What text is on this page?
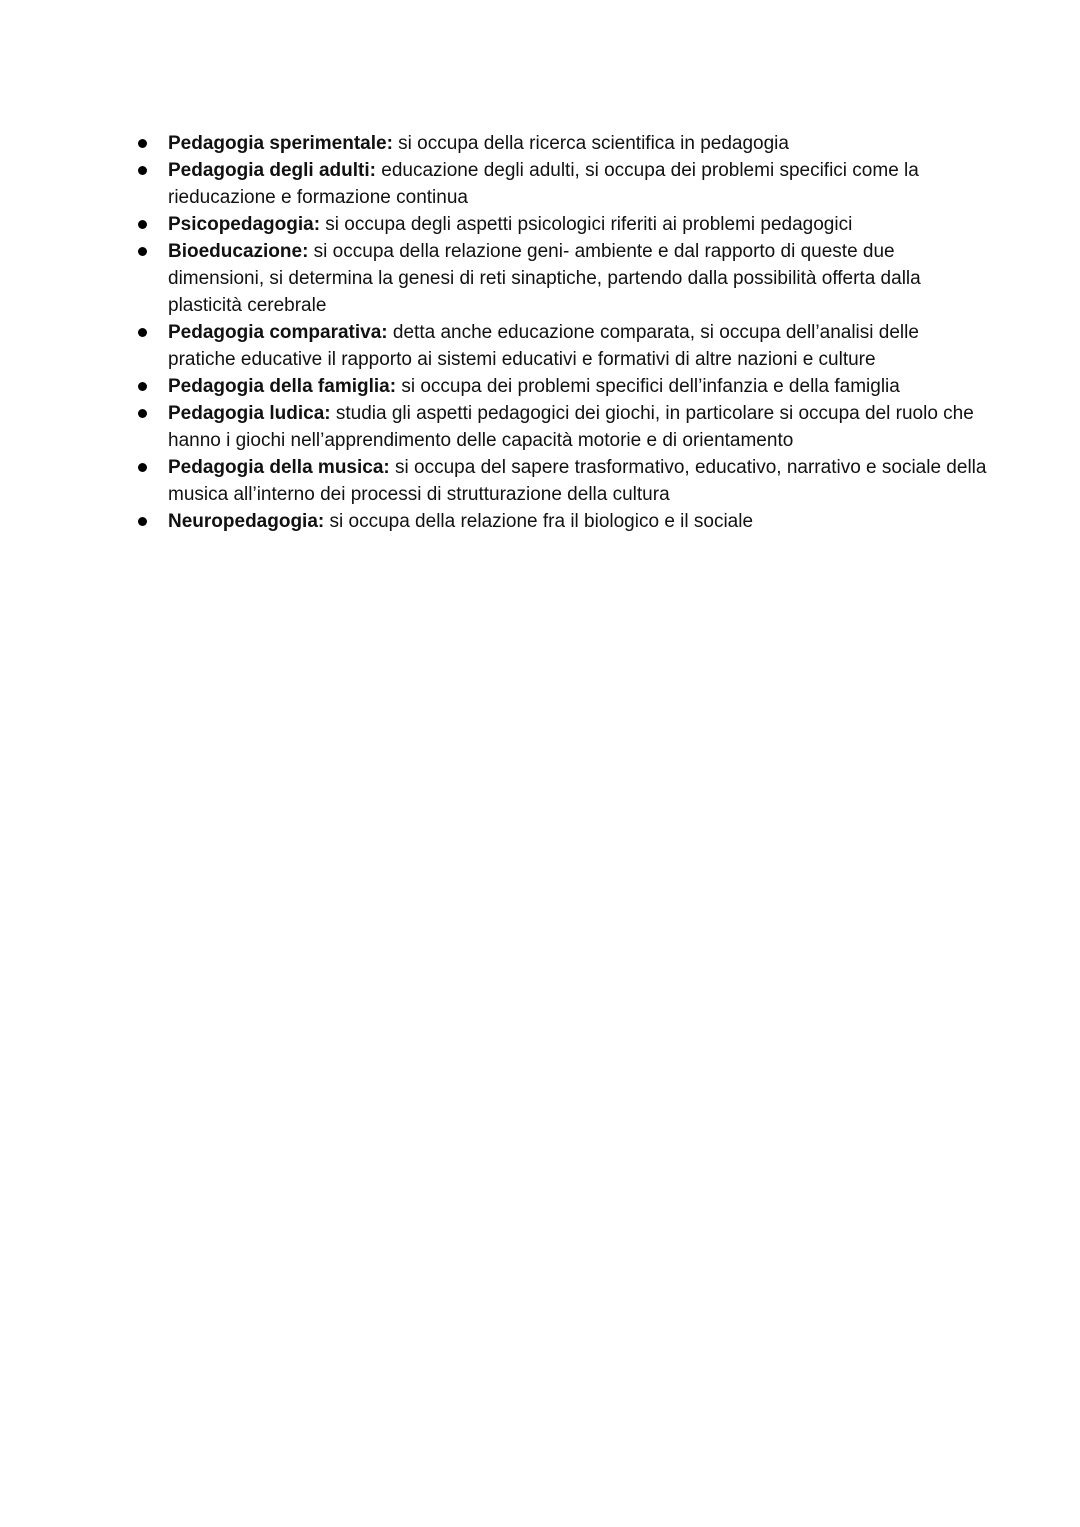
Pedagogia sperimentale: si occupa della ricerca scientifica in pedagogia
Pedagogia degli adulti: educazione degli adulti, si occupa dei problemi specifici come la rieducazione e formazione continua
Psicopedagogia: si occupa degli aspetti psicologici riferiti ai problemi pedagogici
Bioeducazione: si occupa della relazione geni- ambiente e dal rapporto di queste due dimensioni, si determina la genesi di reti sinaptiche, partendo dalla possibilità offerta dalla plasticità cerebrale
Pedagogia comparativa: detta anche educazione comparata, si occupa dell’analisi delle pratiche educative il rapporto ai sistemi educativi e formativi di altre nazioni e culture
Pedagogia della famiglia: si occupa dei problemi specifici dell’infanzia e della famiglia
Pedagogia ludica: studia gli aspetti pedagogici dei giochi, in particolare si occupa del ruolo che hanno i giochi nell’apprendimento delle capacità motorie e di orientamento
Pedagogia della musica: si occupa del sapere trasformativo, educativo, narrativo e sociale della musica all’interno dei processi di strutturazione della cultura
Neuropedagogia: si occupa della relazione fra il biologico e il sociale
